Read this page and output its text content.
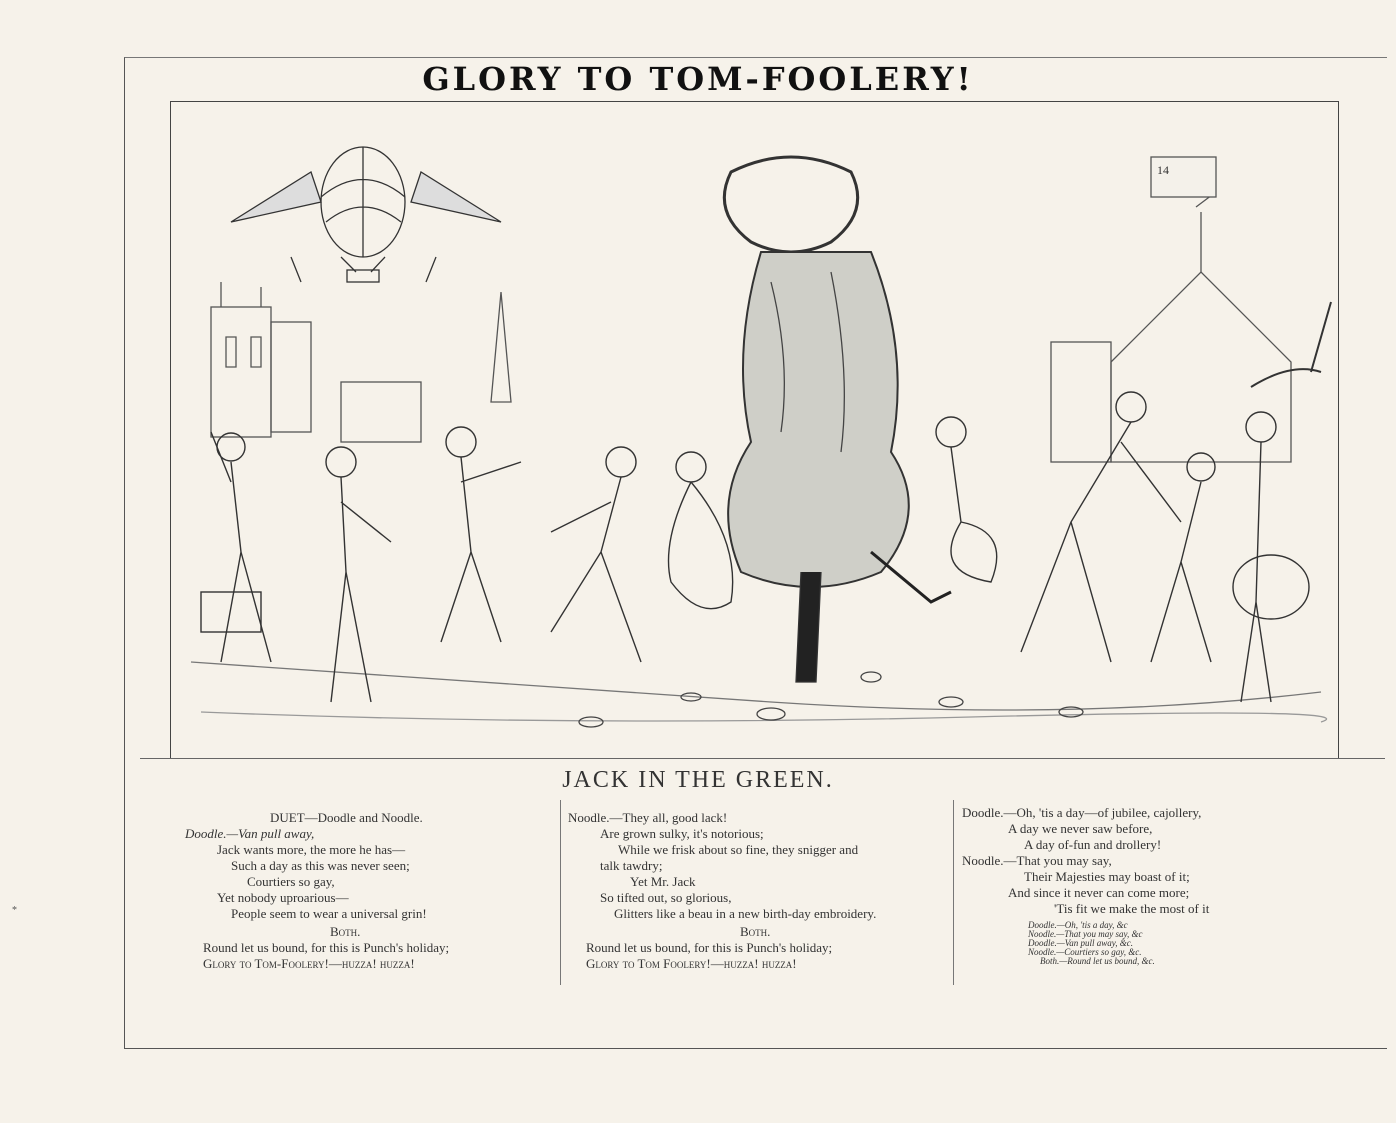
GLORY TO TOM-FOOLERY!
14
JACK IN THE GREEN.
DUET—Doodle and Noodle.
Doodle.—Van pull away,
Jack wants more, the more he has—
Such a day as this was never seen;
Courtiers so gay,
Yet nobody uproarious—
People seem to wear a universal grin!
Both.
Round let us bound, for this is Punch's holiday;
Glory to Tom-Foolery!—huzza! huzza!
Noodle.—They all, good lack!
Are grown sulky, it's notorious;
While we frisk about so fine, they snigger and
talk tawdry;
Yet Mr. Jack
So tifted out, so glorious,
Glitters like a beau in a new birth-day embroidery.
Both.
Round let us bound, for this is Punch's holiday;
Glory to Tom Foolery!—huzza! huzza!
Doodle.—Oh, 'tis a day—of jubilee, cajollery,
A day we never saw before,
A day of-fun and drollery!
Noodle.—That you may say,
Their Majesties may boast of it;
And since it never can come more;
'Tis fit we make the most of it
Doodle.—Oh, 'tis a day, &c
Noodle.—That you may say, &c
Doodle.—Van pull away, &c.
Noodle.—Courtiers so gay, &c.
Both.—Round let us bound, &c.
*
